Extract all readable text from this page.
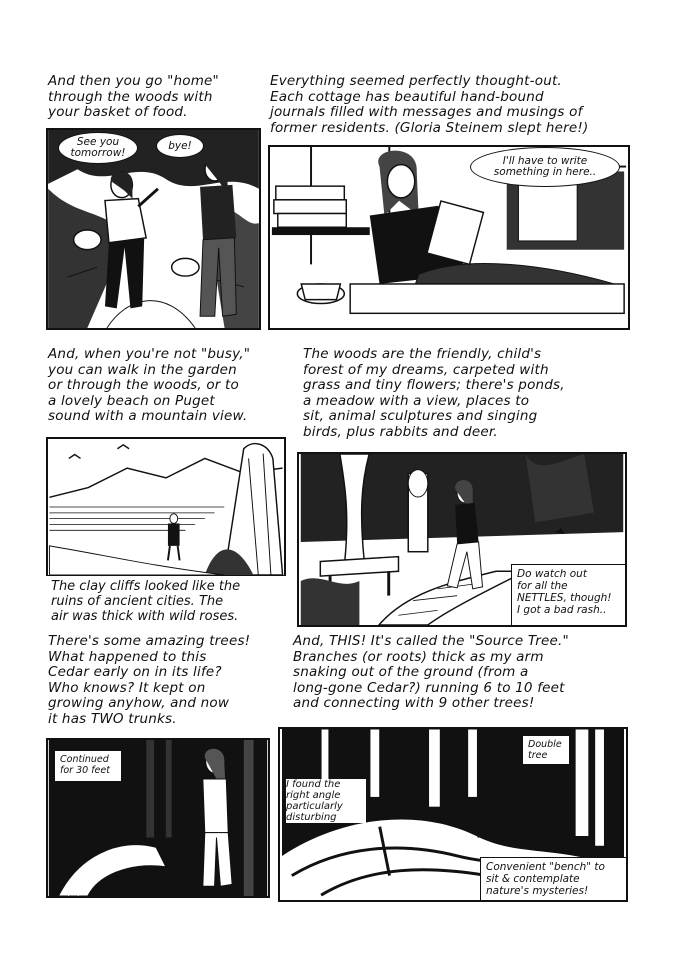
And then you go "home"
through the woods with
your basket of food.
See you
tomorrow!
bye!
Everything seemed perfectly thought-out.
Each cottage has beautiful hand-bound
journals filled with messages and musings of
former residents. (Gloria Steinem slept here!)
I'll have to write
something in here..
And, when you're not "busy,"
you can walk in the garden
or through the woods, or to
a lovely beach on Puget
sound with a mountain view.
The clay cliffs looked like the
ruins of ancient cities. The
air was thick with wild roses.
The woods are the friendly, child's
forest of my dreams, carpeted with
grass and tiny flowers; there's ponds,
a meadow with a view, places to
sit, animal sculptures and singing
birds, plus rabbits and deer.
Do watch out
for all the
NETTLES, though!
I got a bad rash..
There's some amazing trees!
What happened to this
Cedar early on in its life?
Who knows? It kept on
growing anyhow, and now
it has TWO trunks.
Continued
for 30 feet
And, THIS! It's called the "Source Tree."
Branches (or roots) thick as my arm
snaking out of the ground (from a
long-gone Cedar?) running 6 to 10 feet
and connecting with 9 other trees!
I found the
right angle
particularly
disturbing
Double
tree
Convenient "bench" to
sit & contemplate
nature's mysteries!
